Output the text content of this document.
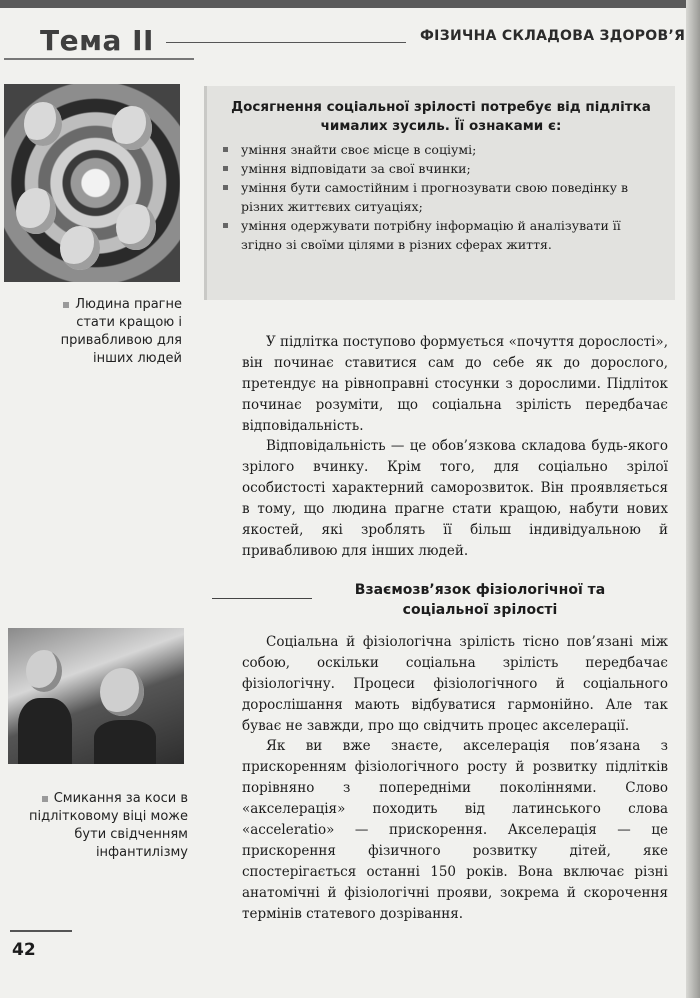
Тема II	ФІЗИЧНА СКЛАДОВА ЗДОРОВ’Я
Людина прагне стати кращою і привабливою для інших людей
Смикання за коси в підлітковому віці може бути свідченням інфантилізму
Досягнення соціальної зрілості потребує від підлітка чималих зусиль. Її ознаками є:
уміння знайти своє місце в соціумі;
уміння відповідати за свої вчинки;
уміння бути самостійним і прогнозувати свою поведінку в різних життєвих ситуаціях;
уміння одержувати потрібну інформацію й аналізувати її згідно зі своїми цілями в різних сферах життя.

У підлітка поступово формується «почуття дорослості», він починає ставитися сам до себе як до дорослого, претендує на рівноправні стосунки з дорослими. Підліток починає розуміти, що соціальна зрілість передбачає відповідальність.

Відповідальність — це обов’язкова складова будь-якого зрілого вчинку. Крім того, для соціально зрілої особистості характерний саморозвиток. Він проявляється в тому, що людина прагне стати кращою, набути нових якостей, які зроблять її більш індивідуальною й привабливою для інших людей.

Взаємозв’язок фізіологічної та соціальної зрілості

Соціальна й фізіологічна зрілість тісно пов’язані між собою, оскільки соціальна зрілість передбачає фізіологічну. Процеси фізіологічного й соціального дорослішання мають відбуватися гармонійно. Але так буває не завжди, про що свідчить процес акселерації.

Як ви вже знаєте, акселерація пов’язана з прискоренням фізіологічного росту й розвитку підлітків порівняно з попередніми поколіннями. Слово «акселерація» походить від латинського слова «acceleratio» — прискорення. Акселерація — це прискорення фізичного розвитку дітей, яке спостерігається останні 150 років. Вона включає різні анатомічні й фізіологічні прояви, зокрема й скорочення термінів статевого дозрівання.

42
